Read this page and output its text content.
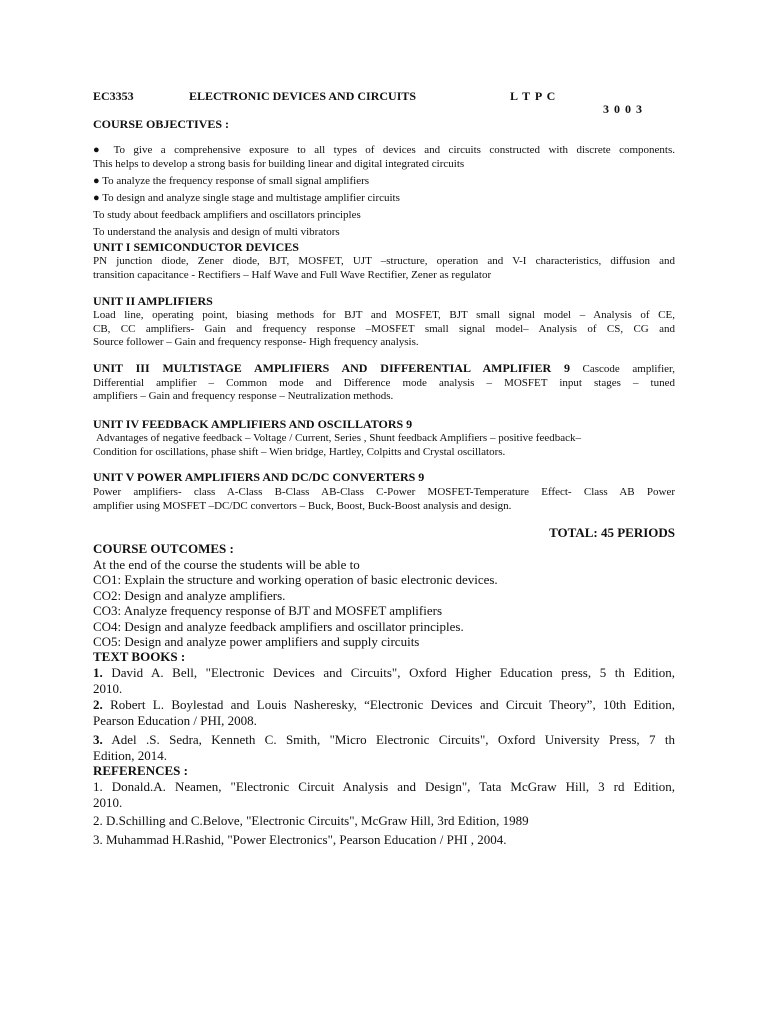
EC3353	ELECTRONIC DEVICES AND CIRCUITS	L T P C
3 0 0 3
COURSE OBJECTIVES :
● To give a comprehensive exposure to all types of devices and circuits constructed with discrete components.
This helps to develop a strong basis for building linear and digital integrated circuits
● To analyze the frequency response of small signal amplifiers
● To design and analyze single stage and multistage amplifier circuits
To study about feedback amplifiers and oscillators principles
To understand the analysis and design of multi vibrators
UNIT I SEMICONDUCTOR DEVICES
PN junction diode, Zener diode, BJT, MOSFET, UJT –structure, operation and V-I characteristics, diffusion and
transition capacitance - Rectifiers – Half Wave and Full Wave Rectifier, Zener as regulator
UNIT II AMPLIFIERS
Load line, operating point, biasing methods for BJT and MOSFET, BJT small signal model – Analysis of CE,
CB, CC amplifiers- Gain and frequency response –MOSFET small signal model– Analysis of CS, CG and
Source follower – Gain and frequency response- High frequency analysis.
UNIT III MULTISTAGE AMPLIFIERS AND DIFFERENTIAL AMPLIFIER 9 Cascode amplifier,
Differential amplifier – Common mode and Difference mode analysis – MOSFET input stages – tuned
amplifiers – Gain and frequency response – Neutralization methods.
UNIT IV FEEDBACK AMPLIFIERS AND OSCILLATORS 9
Advantages of negative feedback – Voltage / Current, Series , Shunt feedback Amplifiers – positive feedback–
Condition for oscillations, phase shift – Wien bridge, Hartley, Colpitts and Crystal oscillators.
UNIT V POWER AMPLIFIERS AND DC/DC CONVERTERS 9
Power amplifiers- class A-Class B-Class AB-Class C-Power MOSFET-Temperature Effect- Class AB Power
amplifier using MOSFET –DC/DC convertors – Buck, Boost, Buck-Boost analysis and design.
TOTAL: 45 PERIODS
COURSE OUTCOMES :
At the end of the course the students will be able to
CO1: Explain the structure and working operation of basic electronic devices.
CO2: Design and analyze amplifiers.
CO3: Analyze frequency response of BJT and MOSFET amplifiers
CO4: Design and analyze feedback amplifiers and oscillator principles.
CO5: Design and analyze power amplifiers and supply circuits
TEXT BOOKS :
1. David A. Bell, "Electronic Devices and Circuits", Oxford Higher Education press, 5 th Edition,
2010.
2. Robert L. Boylestad and Louis Nasheresky, “Electronic Devices and Circuit Theory”, 10th Edition,
Pearson Education / PHI, 2008.
3. Adel .S. Sedra, Kenneth C. Smith, "Micro Electronic Circuits", Oxford University Press, 7 th
Edition, 2014.
REFERENCES :
1. Donald.A. Neamen, "Electronic Circuit Analysis and Design", Tata McGraw Hill, 3 rd Edition,
2010.
2. D.Schilling and C.Belove, "Electronic Circuits", McGraw Hill, 3rd Edition, 1989
3. Muhammad H.Rashid, "Power Electronics", Pearson Education / PHI , 2004.
